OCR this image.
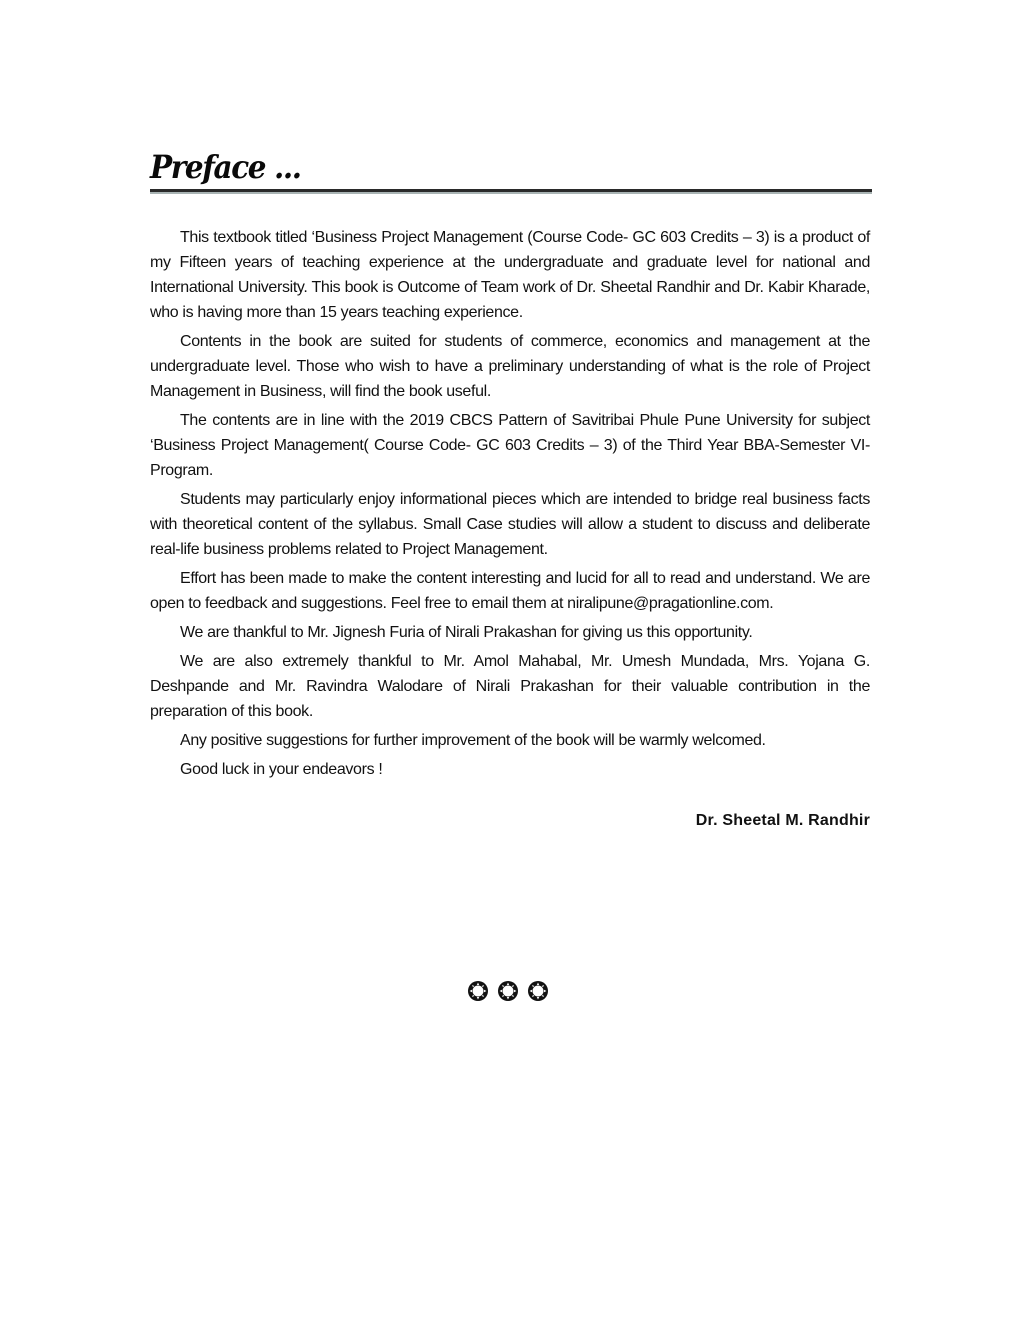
Preface ...

This textbook titled ‘Business Project Management (Course Code- GC 603 Credits – 3) is a product of my Fifteen years of teaching experience at the undergraduate and graduate level for national and International University. This book is Outcome of Team work of Dr. Sheetal Randhir and Dr. Kabir Kharade, who is having more than 15 years teaching experience.

Contents in the book are suited for students of commerce, economics and management at the undergraduate level. Those who wish to have a preliminary understanding of what is the role of Project Management in Business, will find the book useful.

The contents are in line with the 2019 CBCS Pattern of Savitribai Phule Pune University for subject ‘Business Project Management( Course Code- GC 603 Credits – 3) of the Third Year BBA-Semester VI- Program.

Students may particularly enjoy informational pieces which are intended to bridge real business facts with theoretical content of the syllabus. Small Case studies will allow a student to discuss and deliberate real-life business problems related to Project Management.

Effort has been made to make the content interesting and lucid for all to read and understand. We are open to feedback and suggestions. Feel free to email them at niralipune@pragationline.com.

We are thankful to Mr. Jignesh Furia of Nirali Prakashan for giving us this opportunity.

We are also extremely thankful to Mr. Amol Mahabal, Mr. Umesh Mundada, Mrs. Yojana G. Deshpande and Mr. Ravindra Walodare of Nirali Prakashan for their valuable contribution in the preparation of this book.

Any positive suggestions for further improvement of the book will be warmly welcomed.

Good luck in your endeavors !

Dr. Sheetal M. Randhir
